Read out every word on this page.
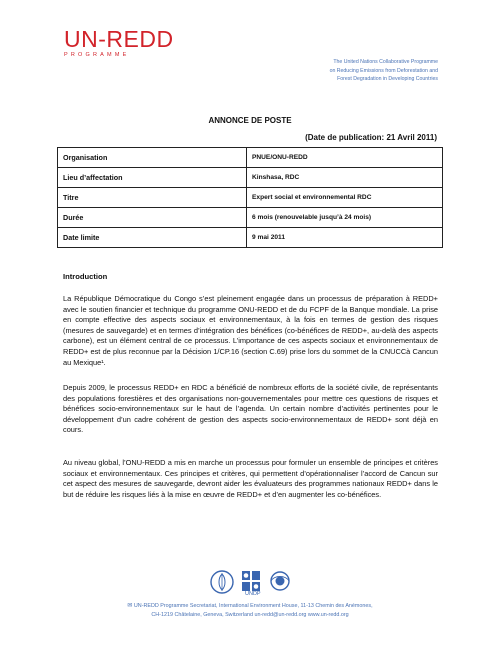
UN-REDD
PROGRAMME
The United Nations Collaborative Programme
on Reducing Emissions from Deforestation and
Forest Degradation in Developing Countries
ANNONCE DE POSTE
(Date de publication: 21 Avril 2011)
Organisation	PNUE/ONU-REDD
Lieu d’affectation	Kinshasa, RDC
Titre	Expert social et environnemental RDC
Durée	6 mois (renouvelable jusqu’à 24 mois)
Date limite	9 mai 2011
Introduction
La République Démocratique du Congo s’est pleinement engagée dans un processus de préparation à REDD+ avec le soutien financier et technique du programme ONU-REDD et de du FCPF de la Banque mondiale. La prise en compte effective des aspects sociaux et environnementaux, à la fois en termes de gestion des risques (mesures de sauvegarde) et en termes d’intégration des bénéfices (co-bénéfices de REDD+, au-delà des aspects carbone), est un élément central de ce processus. L’importance de ces aspects sociaux et environnementaux de REDD+ est de plus reconnue par la Décision 1/CP.16 (section C.69) prise lors du sommet de la CNUCCà Cancun au Mexique¹.
Depuis 2009, le processus REDD+ en RDC a bénéficié de nombreux efforts de la société civile, de représentants des populations forestières et des organisations non-gouvernementales pour mettre ces questions de risques et bénéfices socio-environnementaux sur le haut de l’agenda. Un certain nombre d’activités pertinentes pour le développement d’un cadre cohérent de gestion des aspects socio-environnementaux de REDD+ sont déjà en cours.
Au niveau global, l’ONU-REDD a mis en marche un processus pour formuler un ensemble de principes et critères sociaux et environnementaux. Ces principes et critères, qui permettent d’opérationnaliser l’accord de Cancun sur cet aspect des mesures de sauvegarde, devront aider les évaluateurs des programmes nationaux REDD+ dans le but de réduire les risques liés à la mise en œuvre de REDD+ et d’en augmenter les co-bénéfices.
UNDP
✉ UN-REDD Programme Secretariat, International Environment House, 11-13 Chemin des Anémones,
CH-1219 Châtelaine, Geneva, Switzerland un-redd@un-redd.org www.un-redd.org
